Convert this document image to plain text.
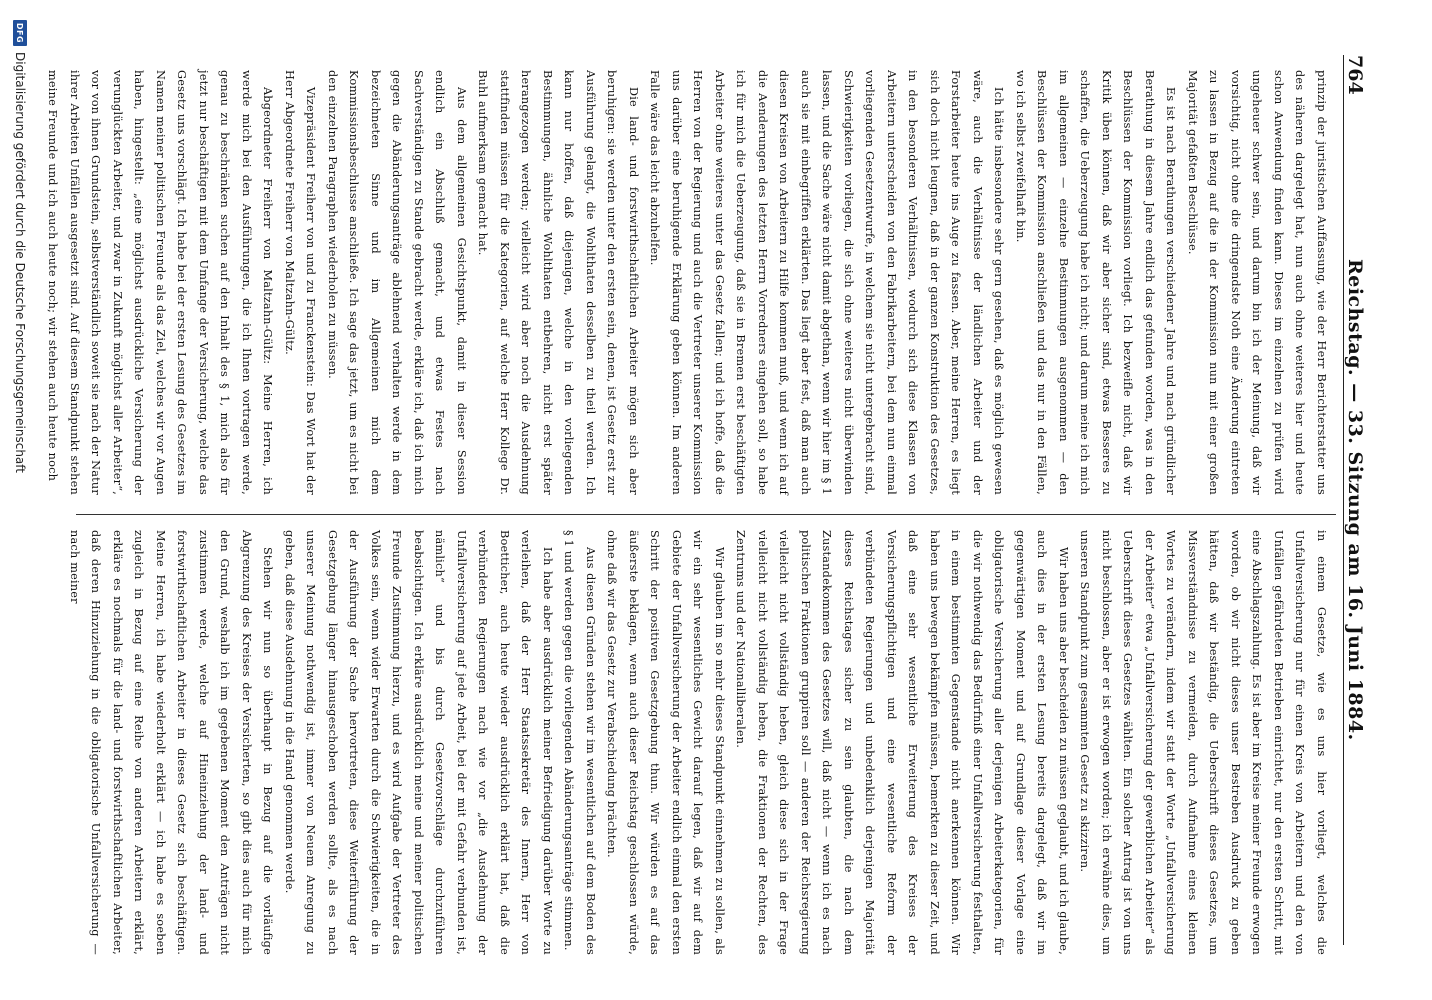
764
Reichstag. — 33. Sitzung am 16. Juni 1884.

prinzip der juristischen Auffassung, wie der Herr Berichterstatter uns des näheren dargelegt hat, nun auch ohne weiteres hier und heute schon Anwendung finden kann. Dieses im einzelnen zu prüfen wird ungeheuer schwer sein, und darum bin ich der Meinung, daß wir vorsichtig, nicht ohne die dringendste Noth eine Änderung eintreten zu lassen in Bezug auf die in der Kommission nun mit einer großen Majorität gefaßten Beschlüsse.

Es ist nach Berathungen verschiedener Jahre und nach gründlicher Berathung in diesem Jahre endlich das gefunden worden, was in den Beschlüssen der Kommission vorliegt. Ich bezweifle nicht, daß wir Kritik üben können, daß wir aber sicher sind, etwas Besseres zu schaffen, die Ueberzeugung habe ich nicht; und darum meine ich mich im allgemeinen — einzelne Bestimmungen ausgenommen — den Beschlüssen der Kommission anschließen und das nur in den Fällen, wo ich selbst zweifelhaft bin.

Ich hätte insbesondere sehr gern gesehen, daß es möglich gewesen wäre, auch die Verhältnisse der ländlichen Arbeiter und der Forstarbeiter heute ins Auge zu fassen. Aber, meine Herren, es liegt sich doch nicht leugnen, daß in der ganzen Konstruktion des Gesetzes, in den besonderen Verhältnissen, wodurch sich diese Klassen von Arbeitern unterscheiden von den Fabrikarbeitern, bei dem nun einmal vorliegenden Gesetzentwurfe, in welchem sie nicht untergebracht sind, Schwierigkeiten vorliegen, die sich ohne weiteres nicht überwinden lassen, und die Sache wäre nicht damit abgethan, wenn wir hier im § 1 auch sie mit einbegriffen erklärten. Das liegt aber fest, daß man auch diesen Kreisen von Arbeitern zu Hilfe kommen muß, und wenn ich auf die Aenderungen des letzten Herrn Vorredners eingehen soll, so habe ich für mich die Ueberzeugung, daß sie in Bremen erst beschäftigten Arbeiter ohne weiteres unter das Gesetz fallen; und ich hoffe, daß die Herren von der Regierung und auch die Vertreter unserer Kommission uns darüber eine beruhigende Erklärung geben können. Im anderen Falle wäre das leicht abzuhelfen.

Die land- und forstwirthschaftlichen Arbeiter mögen sich aber beruhigen: sie werden unter den ersten sein, denen, ist Gesetz erst zur Ausführung gelangt, die Wohlthaten desselben zu theil werden. Ich kann nur hoffen, daß diejenigen, welche in den vorliegenden Bestimmungen, ähnliche Wohlthaten entbehren, nicht erst später herangezogen werden; vielleicht wird aber noch die Ausdehnung stattfinden müssen für die Kategorien, auf welche Herr Kollege Dr. Buhl aufmerksam gemacht hat.

Aus dem allgemeinen Gesichtspunkt, damit in dieser Session endlich ein Abschluß gemacht, und etwas Festes nach Sachverständigen zu Stande gebracht werde, erkläre ich, daß ich mich gegen die Abänderungsanträge ablehnend verhalten werde in dem bezeichneten Sinne und im Allgemeinen mich dem Kommissionsbeschlusse anschließe. Ich sage das jetzt, um es nicht bei den einzelnen Paragraphen wiederholen zu müssen.

Vizepräsident Freiherr von und zu Franckenstein: Das Wort hat der Herr Abgeordnete Freiherr von Maltzahn-Gültz.

Abgeordneter Freiherr von Maltzahn-Gültz: Meine Herren, ich werde mich bei den Ausführungen, die ich Ihnen vortragen werde, genau zu beschränken suchen auf den Inhalt des § 1, mich also für jetzt nur beschäftigen mit dem Umfange der Versicherung, welche das Gesetz uns vorschlägt. Ich habe bei der ersten Lesung des Gesetzes im Namen meiner politischen Freunde als das Ziel, welches wir vor Augen haben, hingestellt: „eine möglichst ausdrückliche Versicherung der verunglückten Arbeiter, und zwar in Zukunft möglichst aller Arbeiter“, vor von ihnen Grundstein, selbstverständlich soweit sie nach der Natur ihrer Arbeiten Unfällen ausgesetzt sind. Auf diesem Standpunkt stehen meine Freunde und ich auch heute noch; wir stehen auch heute noch

in einem Gesetze, wie es uns hier vorliegt, welches die Unfallversicherung nur für einen Kreis von Arbeitern und den von Unfällen gefährdeten Betrieben einrichtet, nur den ersten Schritt, mit eine Abschlagszahlung. Es ist aber im Kreise meiner Freunde erwogen worden, ob wir nicht dieses unser Bestreben Ausdruck zu geben hätten, daß wir beständig, die Ueberschrift dieses Gesetzes, um Missverständnisse zu vermeiden, durch Aufnahme eines kleinen Wortes zu verändern, indem wir statt der Worte „Unfallversicherung der Arbeiter“ etwa „Unfallversicherung der gewerblichen Arbeiter“ als Ueberschrift dieses Gesetzes wählten. Ein solcher Antrag ist von uns nicht beschlossen, aber er ist erwogen worden; ich erwähne dies, um unseren Standpunkt zum gesammten Gesetz zu skizziren.

Wir haben uns aber bescheiden zu müssen geglaubt, und ich glaube, auch dies in der ersten Lesung bereits dargelegt, daß wir im gegenwärtigen Moment und auf Grundlage dieser Vorlage eine obligatorische Versicherung aller derjenigen Arbeiterkategorien, für die wir nothwendig das Bedürfniß einer Unfallversicherung festhalten, in einem bestimmten Gegenstande nicht anerkennen können. Wir haben uns bewegen bekämpfen müssen, bemerkten zu dieser Zeit, und daß eine sehr wesentliche Erweiterung des Kreises der Versicherungspflichtigen und eine wesentliche Reform der verbündeten Regierungen und unbedenklich derjenigen Majorität dieses Reichstages sicher zu sein glaubten, die nach dem Zustandekommen des Gesetzes will, daß nicht — wenn ich es nach politischen Fraktionen gruppiren soll — anderen der Reichsregierung vielleicht nicht vollständig heben, gleich diese sich in der Frage vielleicht nicht vollständig heben, die Fraktionen der Rechten, des Zentrums und der Nationalliberalen.

Wir glauben im so mehr dieses Standpunkt einnehmen zu sollen, als wir ein sehr wesentliches Gewicht darauf legen, daß wir auf dem Gebiete der Unfallversicherung der Arbeiter endlich einmal den ersten Schritt der positiven Gesetzgebung thun. Wir würden es auf das äußerste beklagen, wenn auch dieser Reichstag geschlossen würde, ohne daß wir das Gesetz zur Verabschiedung brächten.

Aus diesen Gründen stehen wir im wesentlichen auf dem Boden des § 1 und werden gegen die vorliegenden Abänderungsanträge stimmen.

Ich habe aber ausdrücklich meiner Befriedigung darüber Worte zu verleihen, daß der Herr Staatssekretär des Innern, Herr von Boetticher, auch heute wieder ausdrücklich erklärt hat, daß die verbündeten Regierungen nach wie vor „die Ausdehnung der Unfallversicherung auf jede Arbeit, bei der mit Gefahr verbunden ist, nämlich“ und bis durch Gesetzvorschläge durchzuführen beabsichtigen. Ich erkläre ausdrücklich meine und meiner politischen Freunde Zustimmung hierzu, und es wird Aufgabe der Vertreter des Volkes sein, wenn wider Erwarten durch die Schwierigkeiten, die in der Ausführung der Sache hervortreten, diese Weiterführung der Gesetzgebung länger hinausgeschoben werden sollte, als es nach unserer Meinung nothwendig ist, immer von Neuem Anregung zu geben, daß diese Ausdehnung in die Hand genommen werde.

Stehen wir nun so überhaupt in Bezug auf die vorläufige Abgrenzung des Kreises der Versicherten, so gibt dies auch für mich den Grund, weshalb ich im gegebenen Moment den Anträgen nicht zustimmen werde, welche auf Hineinziehung der land- und forstwirthschaftlichen Arbeiter in dieses Gesetz sich beschäftigen. Meine Herren, ich habe wiederholt erklärt — ich habe es soeben zugleich in Bezug auf eine Reihe von anderen Arbeitern erklärt, erkläre es nochmals für die land- und forstwirthschaftlichen Arbeiter, daß deren Hinzuziehung in die obligatorische Unfallversicherung — nach meiner

DFG
Digitalisierung gefördert durch die Deutsche Forschungsgemeinschaft
